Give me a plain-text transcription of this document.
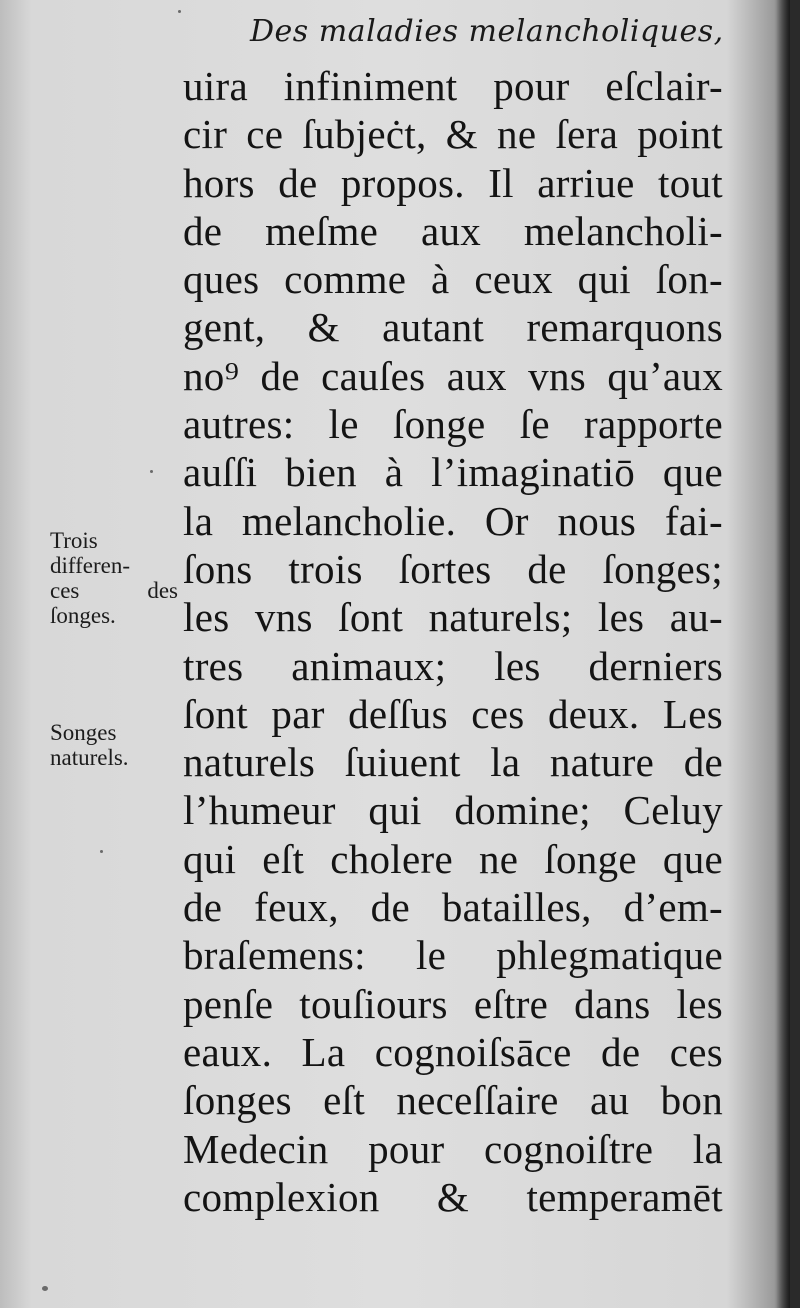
Des maladies melancholiques,
uira infiniment pour eſclair-
cir ce ſubjeċt, & ne ſera point
hors de propos. Il arriue tout
de meſme aux melancholi-
ques comme à ceux qui ſon-
gent, & autant remarquons
no⁹ de cauſes aux vns qu’aux
autres: le ſonge ſe rapporte
auſſi bien à l’imaginatiō que
la melancholie. Or nous fai-
ſons trois ſortes de ſonges;
les vns ſont naturels; les au-
tres animaux; les derniers
ſont par deſſus ces deux. Les
naturels ſuiuent la nature de
l’humeur qui domine; Celuy
qui eſt cholere ne ſonge que
de feux, de batailles, d’em-
braſemens: le phlegmatique
penſe touſiours eſtre dans les
eaux. La cognoiſsāce de ces
ſonges eſt neceſſaire au bon
Medecin pour cognoiſtre la
complexion & temperamēt
Trois
differen-
ces des
ſonges.
Songes
naturels.
